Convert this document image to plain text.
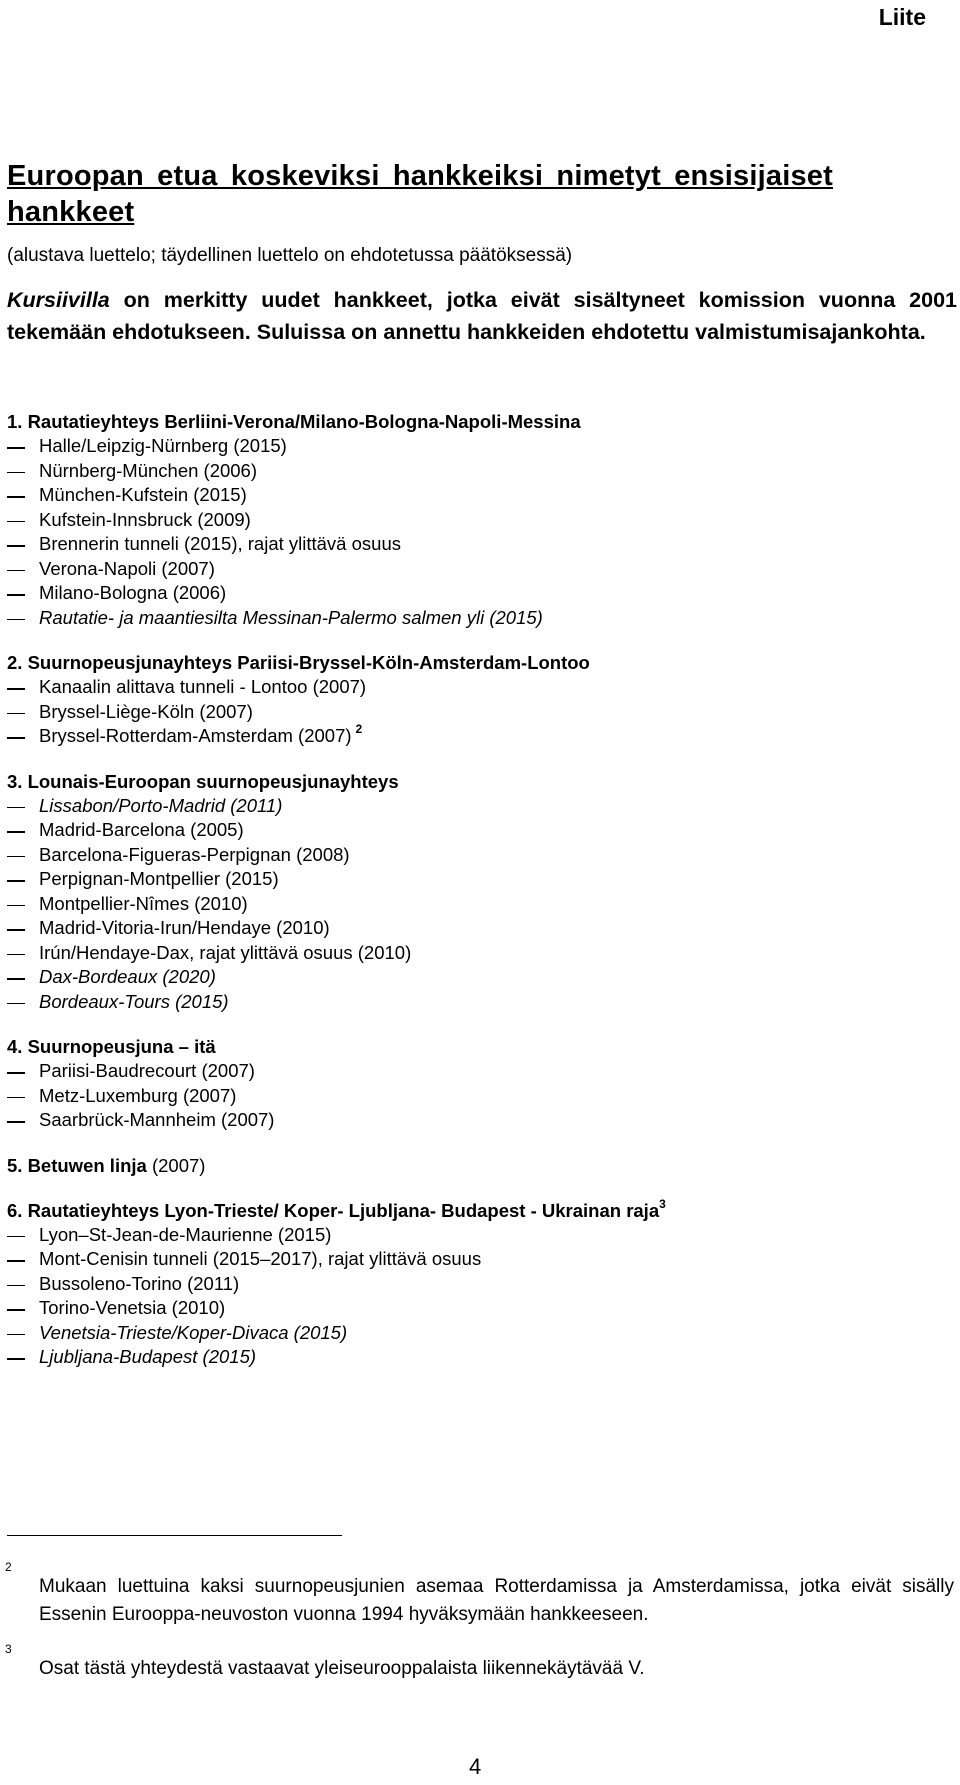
Liite
Euroopan etua koskeviksi hankkeiksi nimetyt ensisijaiset hankkeet
(alustava luettelo; täydellinen luettelo on ehdotetussa päätöksessä)
Kursiivilla on merkitty uudet hankkeet, jotka eivät sisältyneet komission vuonna 2001 tekemään ehdotukseen. Suluissa on annettu hankkeiden ehdotettu valmistumisajankohta.
1. Rautatieyhteys Berliini-Verona/Milano-Bologna-Napoli-Messina
Halle/Leipzig-Nürnberg (2015)
Nürnberg-München (2006)
München-Kufstein (2015)
Kufstein-Innsbruck (2009)
Brennerin tunneli (2015), rajat ylittävä osuus
Verona-Napoli (2007)
Milano-Bologna (2006)
Rautatie- ja maantiesilta Messinan-Palermo salmen yli (2015)
2. Suurnopeusjunayhteys Pariisi-Bryssel-Köln-Amsterdam-Lontoo
Kanaalin alittava tunneli - Lontoo (2007)
Bryssel-Liège-Köln (2007)
Bryssel-Rotterdam-Amsterdam (2007) $^2$
3. Lounais-Euroopan suurnopeusjunayhteys
Lissabon/Porto-Madrid (2011)
Madrid-Barcelona (2005)
Barcelona-Figueras-Perpignan (2008)
Perpignan-Montpellier (2015)
Montpellier-Nîmes (2010)
Madrid-Vitoria-Irun/Hendaye (2010)
Irún/Hendaye-Dax, rajat ylittävä osuus (2010)
Dax-Bordeaux (2020)
Bordeaux-Tours (2015)
4. Suurnopeusjuna – itä
Pariisi-Baudrecourt (2007)
Metz-Luxemburg (2007)
Saarbrück-Mannheim (2007)
5. Betuwen linja (2007)
6. Rautatieyhteys Lyon-Trieste/ Koper- Ljubljana- Budapest - Ukrainan raja$^3$
Lyon–St-Jean-de-Maurienne (2015)
Mont-Cenisin tunneli (2015–2017), rajat ylittävä osuus
Bussoleno-Torino (2011)
Torino-Venetsia (2010)
Venetsia-Trieste/Koper-Divaca (2015)
Ljubljana-Budapest (2015)
2
Mukaan luettuina kaksi suurnopeusjunien asemaa Rotterdamissa ja Amsterdamissa, jotka eivät sisälly Essenin Eurooppa-neuvoston vuonna 1994 hyväksymään hankkeeseen.
3
Osat tästä yhteydestä vastaavat yleiseurooppalaista liikennekäytävää V.
4
